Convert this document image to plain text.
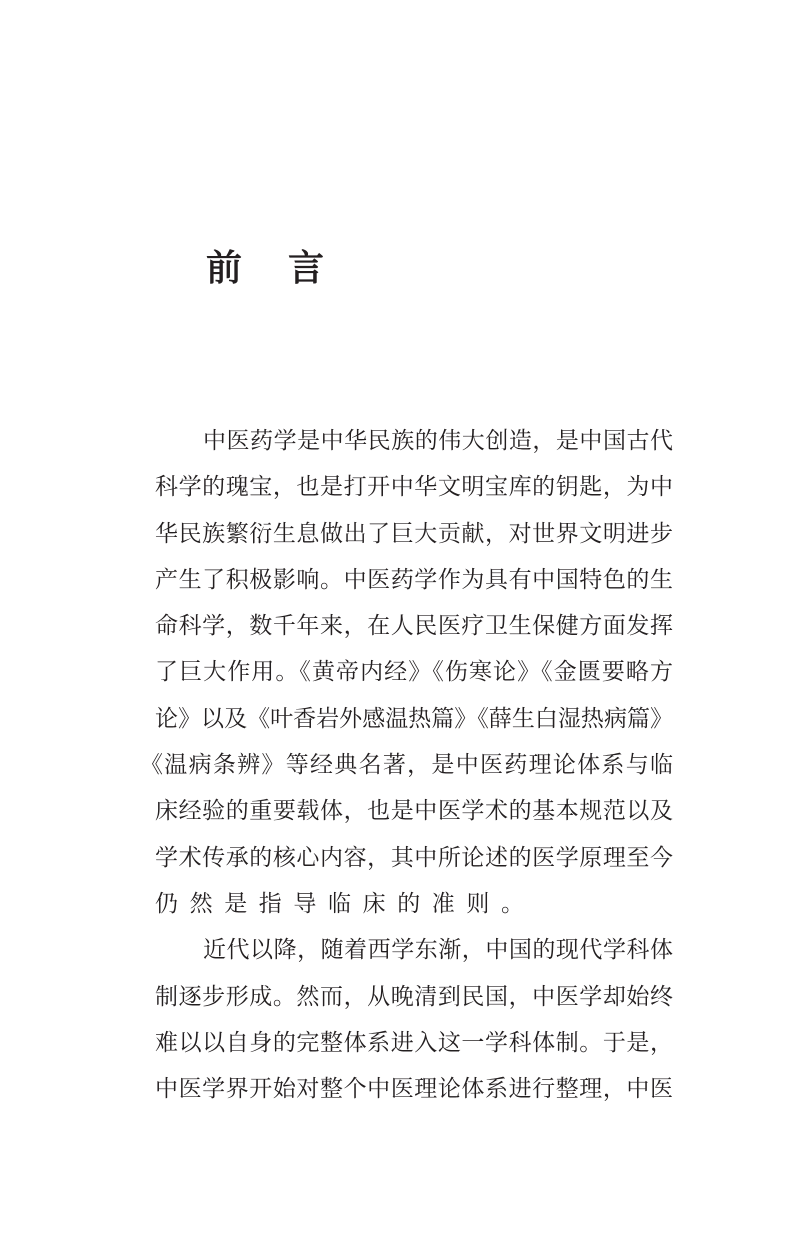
前 言
中医药学是中华民族的伟大创造，是中国古代
科学的瑰宝，也是打开中华文明宝库的钥匙，为中
华民族繁衍生息做出了巨大贡献，对世界文明进步
产生了积极影响。中医药学作为具有中国特色的生
命科学，数千年来，在人民医疗卫生保健方面发挥
了巨大作用。《黄帝内经》《伤寒论》《金匮要略方
论》以及《叶香岩外感温热篇》《薛生白湿热病篇》
《温病条辨》等经典名著，是中医药理论体系与临
床经验的重要载体，也是中医学术的基本规范以及
学术传承的核心内容，其中所论述的医学原理至今
仍然是指导临床的准则。
近代以降，随着西学东渐，中国的现代学科体
制逐步形成。然而，从晚清到民国，中医学却始终
难以以自身的完整体系进入这一学科体制。于是，
中医学界开始对整个中医理论体系进行整理，中医
